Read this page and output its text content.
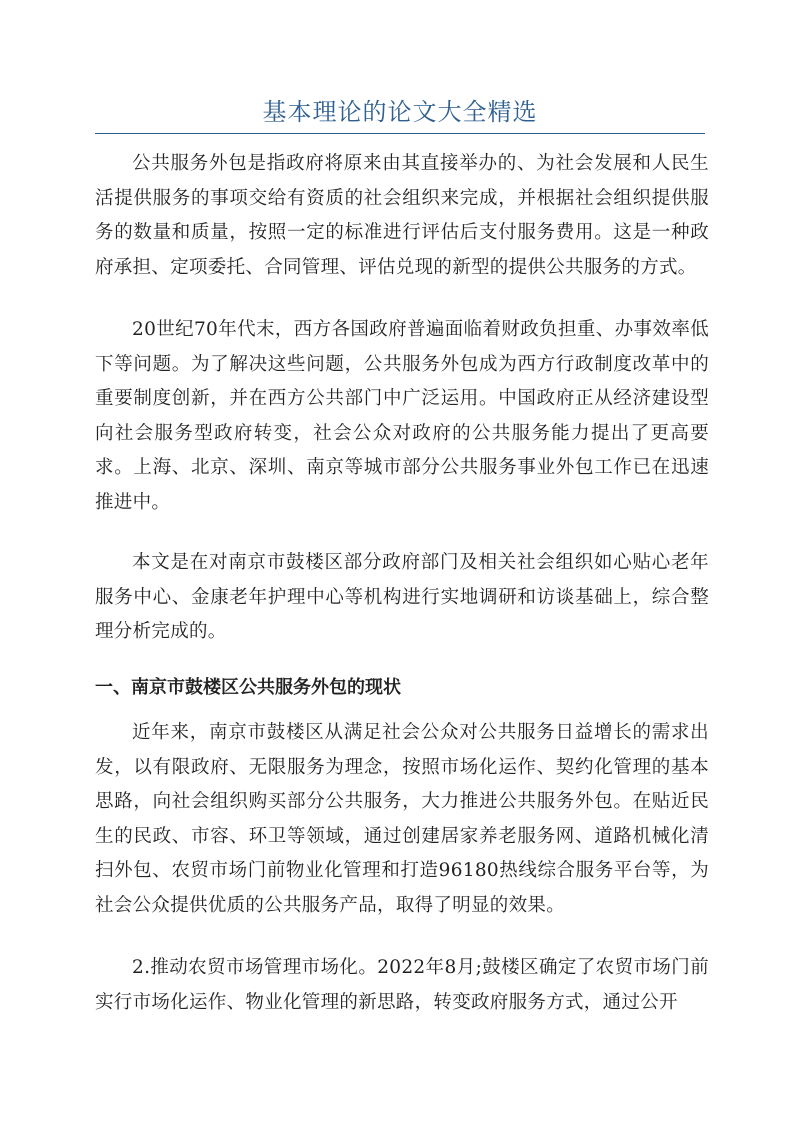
基本理论的论文大全精选

公共服务外包是指政府将原来由其直接举办的、为社会发展和人民生活提供服务的事项交给有资质的社会组织来完成，并根据社会组织提供服务的数量和质量，按照一定的标准进行评估后支付服务费用。这是一种政府承担、定项委托、合同管理、评估兑现的新型的提供公共服务的方式。

20世纪70年代末，西方各国政府普遍面临着财政负担重、办事效率低下等问题。为了解决这些问题，公共服务外包成为西方行政制度改革中的重要制度创新，并在西方公共部门中广泛运用。中国政府正从经济建设型向社会服务型政府转变，社会公众对政府的公共服务能力提出了更高要求。上海、北京、深圳、南京等城市部分公共服务事业外包工作已在迅速推进中。

本文是在对南京市鼓楼区部分政府部门及相关社会组织如心贴心老年服务中心、金康老年护理中心等机构进行实地调研和访谈基础上，综合整理分析完成的。

一、南京市鼓楼区公共服务外包的现状

近年来，南京市鼓楼区从满足社会公众对公共服务日益增长的需求出发，以有限政府、无限服务为理念，按照市场化运作、契约化管理的基本思路，向社会组织购买部分公共服务，大力推进公共服务外包。在贴近民生的民政、市容、环卫等领域，通过创建居家养老服务网、道路机械化清扫外包、农贸市场门前物业化管理和打造96180热线综合服务平台等，为社会公众提供优质的公共服务产品，取得了明显的效果。

2.推动农贸市场管理市场化。2022年8月;鼓楼区确定了农贸市场门前实行市场化运作、物业化管理的新思路，转变政府服务方式，通过公开
